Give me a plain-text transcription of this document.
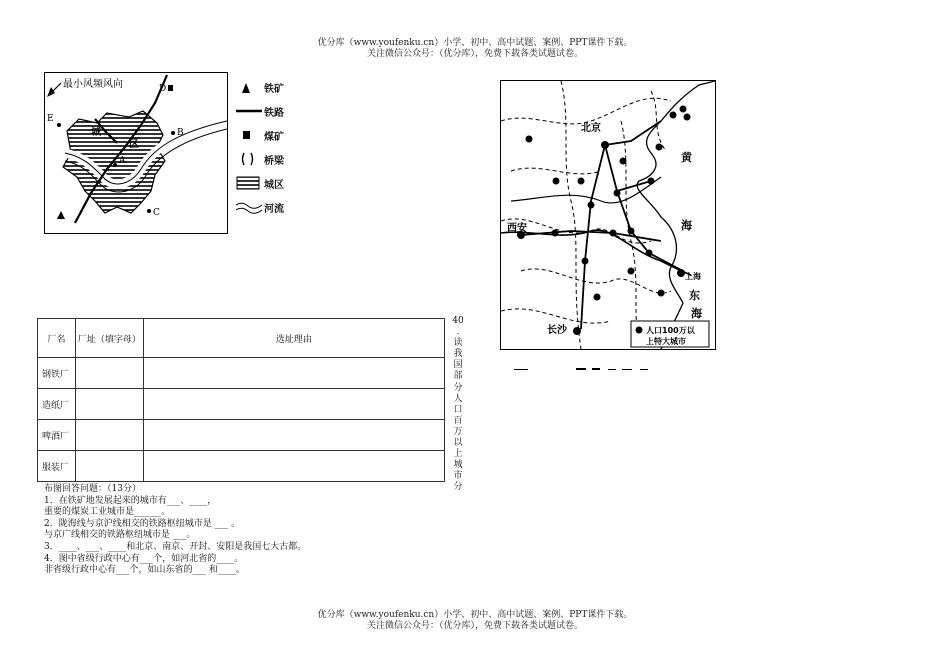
优分库（www.youfenku.cn）小学、初中、高中试题、案例、PPT课件下载。
关注微信公众号：（优分库），免费下载各类试题试卷。
最小风频风向
城
区
A
B
C
D
E
铁矿
铁路
煤矿
桥梁
城区
河流
北京
西安
长沙
上海
黄
海
东
海
人口100万以
上特大城市
厂名	厂址（填字母）	选址理由
钢铁厂		
造纸厂		
啤酒厂		
服装厂		
40
.
读
我
国
部
分
人
口
百
万
以
上
城
市
分
布图回答问题：（13分）
1．在铁矿地发展起来的城市有___、____，
重要的煤炭工业城市是______。
2．陇海线与京沪线相交的铁路枢纽城市是 ___ 。
与京广线相交的铁路枢纽城市是 ___。
3．____、___、____和北京、南京、开封、安阳是我国七大古都。
4．图中省级行政中心有___个，如河北省的____。
非省级行政中心有___个，如山东省的___ 和____。
优分库（www.youfenku.cn）小学、初中、高中试题、案例、PPT课件下载。
关注微信公众号：（优分库），免费下载各类试题试卷。
